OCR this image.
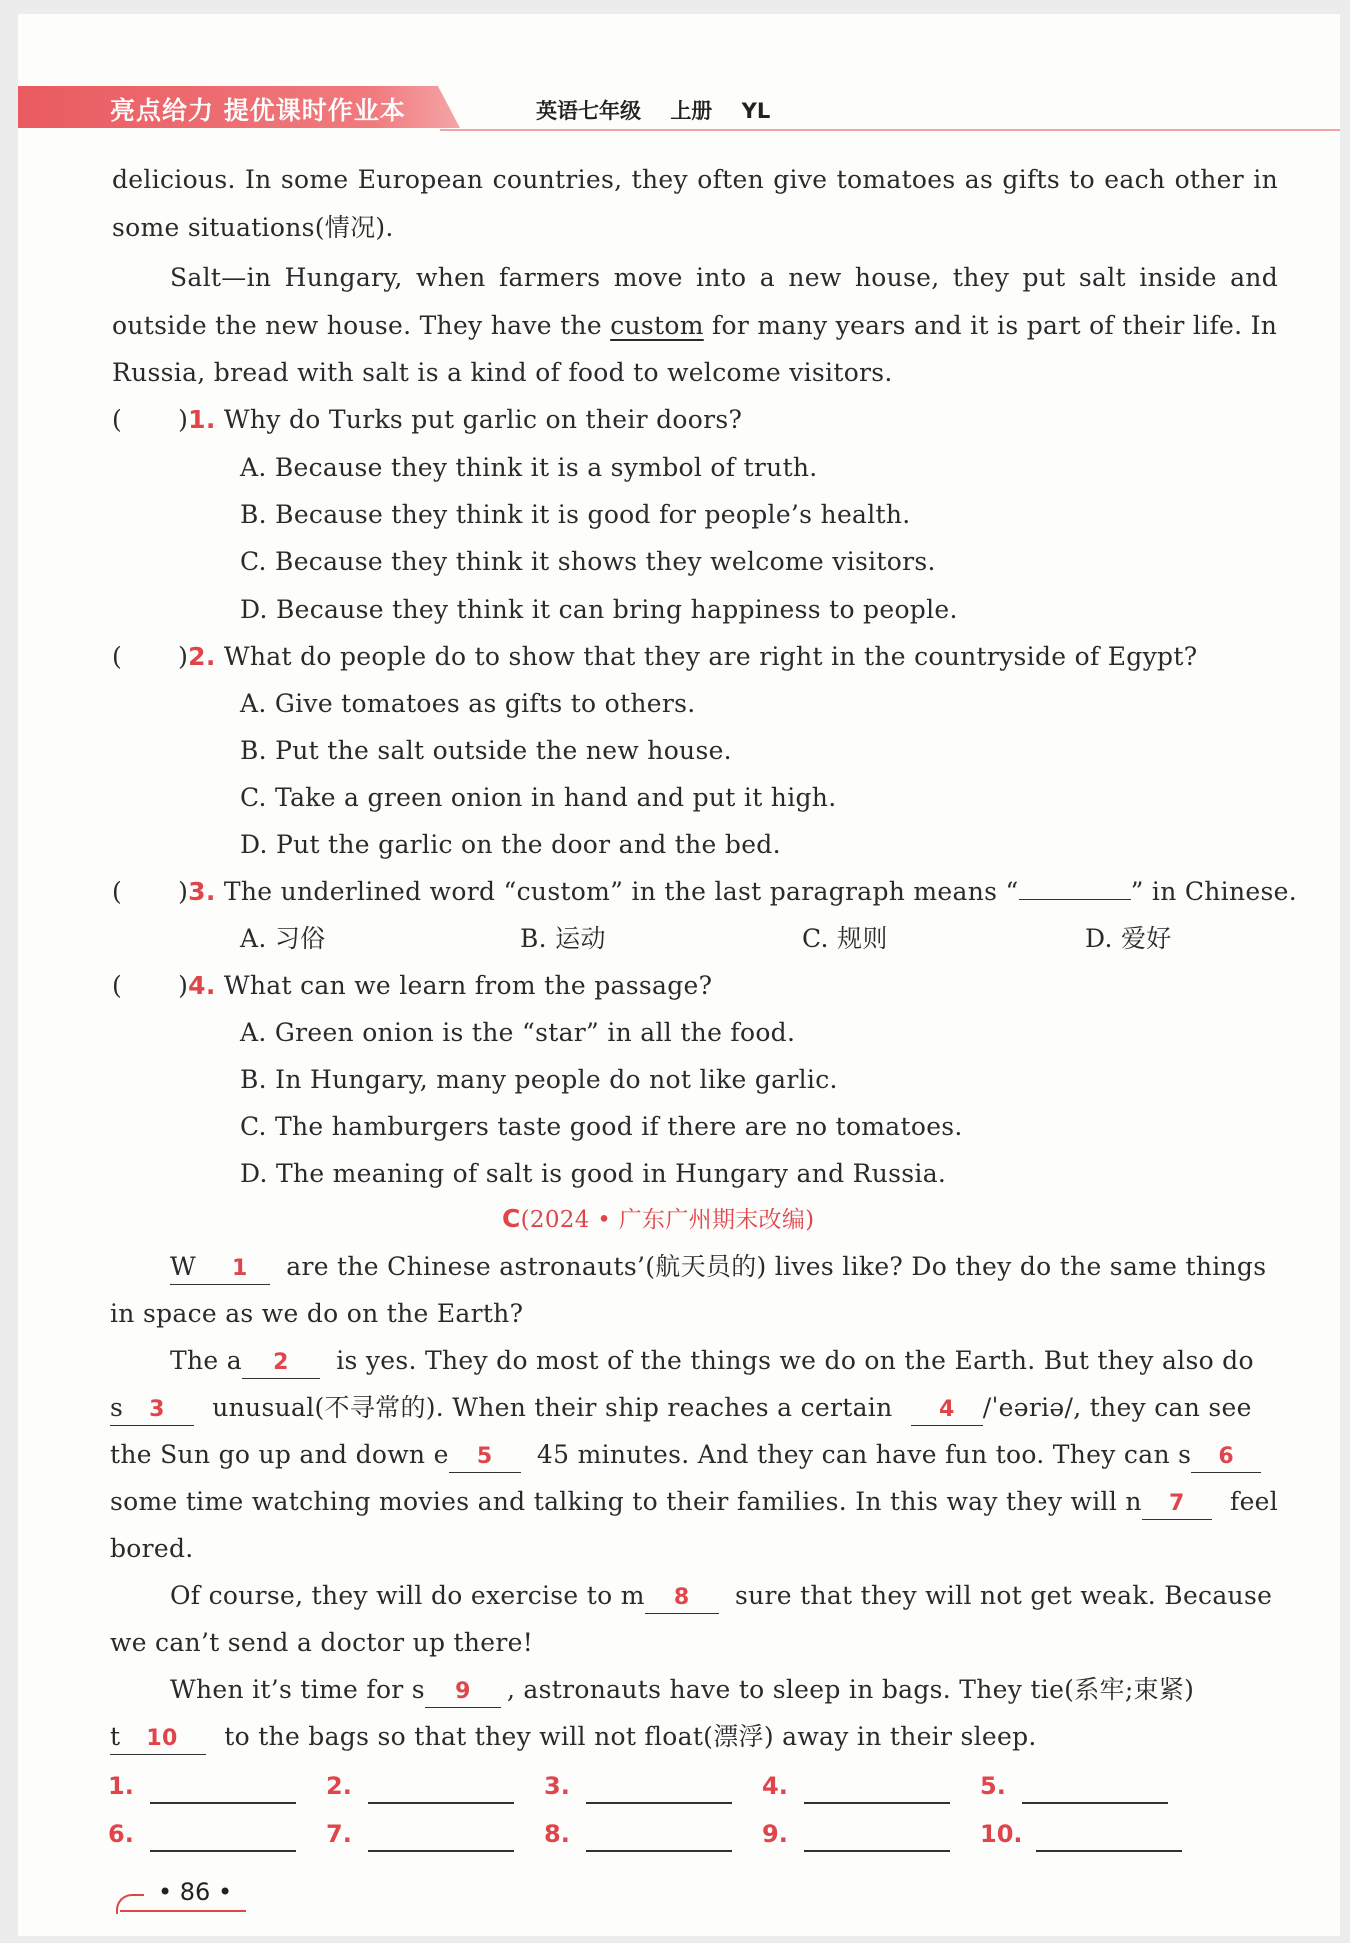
亮点给力 提优课时作业本	英语七年级 上册 YL
delicious. In some European countries, they often give tomatoes as gifts to each other in
some situations(情况).
Salt—in Hungary, when farmers move into a new house, they put salt inside and
outside the new house. They have the custom for many years and it is part of their life. In
Russia, bread with salt is a kind of food to welcome visitors.
( )1. Why do Turks put garlic on their doors?
A. Because they think it is a symbol of truth.
B. Because they think it is good for people’s health.
C. Because they think it shows they welcome visitors.
D. Because they think it can bring happiness to people.
( )2. What do people do to show that they are right in the countryside of Egypt?
A. Give tomatoes as gifts to others.
B. Put the salt outside the new house.
C. Take a green onion in hand and put it high.
D. Put the garlic on the door and the bed.
( )3. The underlined word “custom” in the last paragraph means “	” in Chinese.
A. 习俗	B. 运动	C. 规则	D. 爱好
( )4. What can we learn from the passage?
A. Green onion is the “star” in all the food.
B. In Hungary, many people do not like garlic.
C. The hamburgers taste good if there are no tomatoes.
D. The meaning of salt is good in Hungary and Russia.
C(2024 • 广东广州期末改编)
W 1 are the Chinese astronauts’(航天员的) lives like? Do they do the same things
in space as we do on the Earth?
The a 2 is yes. They do most of the things we do on the Earth. But they also do
s 3 unusual(不寻常的). When their ship reaches a certain 4 /ˈeəriə/, they can see
the Sun go up and down e 5 45 minutes. And they can have fun too. They can s 6
some time watching movies and talking to their families. In this way they will n 7 feel
bored.
Of course, they will do exercise to m 8 sure that they will not get weak. Because
we can’t send a doctor up there!
When it’s time for s 9 , astronauts have to sleep in bags. They tie(系牢;束紧)
t 10 to the bags so that they will not float(漂浮) away in their sleep.
1.	2.	3.	4.	5.
6.	7.	8.	9.	10.
• 86 •
